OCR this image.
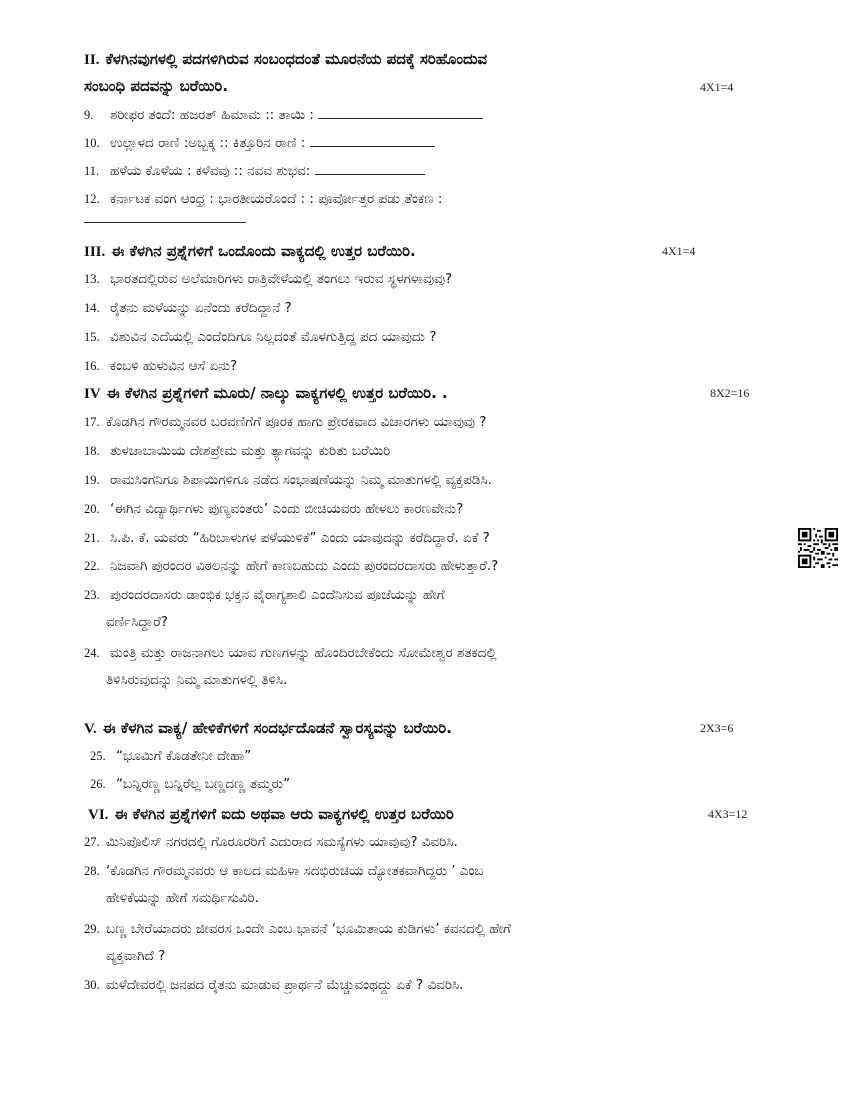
II. ಕೆಳಗಿನವುಗಳಲ್ಲಿ ಪದಗಳಿಗಿರುವ ಸಂಬಂಧದಂತೆ ಮೂರನೆಯ ಪದಕ್ಕೆ ಸರಿಹೊಂದುವ
ಸಂಬಂಧಿ ಪದವನ್ನು ಬರೆಯಿರಿ.	4X1=4
9. ಶರೀಫರ ತಂದೆ: ಹಜರತ್ ಹಿಮಾಮ :: ತಾಯಿ :
10. ಉಲ್ಲಾಳದ ರಾಣಿ :ಅಬ್ಬಕ್ಕ :: ಕಿತ್ತೂರಿನ ರಾಣಿ :
11. ಹಳೆಯ ಕೊಳೆಯ : ಕಳೆವವು :: ನವವ ಶುಭವ:
12. ಕರ್ನಾಟಕ ವಂಗ ಆಂಧ್ರ : ಭಾರತೀಯರೊಂದೆ : : ಪೂರ್ವೋತ್ತರ ಪಡು ತೆಂಕಣ :
III. ಈ ಕೆಳಗಿನ ಪ್ರಶ್ನೆಗಳಿಗೆ ಒಂದೊಂದು ವಾಕ್ಯದಲ್ಲಿ ಉತ್ತರ ಬರೆಯಿರಿ.	4X1=4
13. ಭಾರತದಲ್ಲಿರುವ ಅಲೆಮಾರಿಗಳು ರಾತ್ರಿವೇಳೆಯಲ್ಲಿ ತಂಗಲು ಇರುವ ಸ್ಥಳಗಳಾವುವು?
14. ರೈತನು ಮಳೆಯನ್ನು ಏನೆಂದು ಕರೆದಿದ್ದಾನೆ ?
15. ವಿಶುವಿನ ಎದೆಯಲ್ಲಿ ಎಂದೆಂದಿಗೂ ನಿಲ್ಲದಂತೆ ಮೊಳಗುತ್ತಿದ್ದ ಪದ ಯಾವುದು ?
16. ಕಂಬಳಿ ಹುಳುವಿನ ಆಸೆ ಏನು?
IV ಈ ಕೆಳಗಿನ ಪ್ರಶ್ನೆಗಳಿಗೆ ಮೂರು/ ನಾಲ್ಕು ವಾಕ್ಯಗಳಲ್ಲಿ ಉತ್ತರ ಬರೆಯಿರಿ. .	8X2=16
17. ಕೊಡಗಿನ ಗೌರಮ್ಮನವರ ಬರವಣಿಗೆಗೆ ಪೂರಕ ಹಾಗು ಪ್ರೇರಕವಾದ ವಿಚಾರಗಳು ಯಾವುವು ?
18. ತುಳಜಾಬಾಯಿಯ ದೇಶಪ್ರೇಮ ಮತ್ತು ತ್ಯಾಗವನ್ನು ಕುರಿತು ಬರೆಯಿರಿ
19. ರಾಮಸಿಂಗನಿಗೂ ಶಿಪಾಯಿಗಳಿಗೂ ನಡೆದ ಸಂಭಾಷಣೆಯನ್ನು ನಿಮ್ಮ ಮಾತುಗಳಲ್ಲಿ ವ್ಯಕ್ತಪಡಿಸಿ.
20. ‘ಈಗಿನ ವಿದ್ಯಾರ್ಥಿಗಳು ಪುಣ್ಯವಂತರು’ ಎಂದು ಬೀಚಿಯವರು ಹೇಳಲು ಕಾರಣವೇನು?
21. ಸಿ.ಪಿ. ಕೆ. ಯವರು “ಹಿರಿಬಾಳುಗಳ ಪಳೆಯುಳಿಕೆ” ಎಂದು ಯಾವುದನ್ನು ಕರೆದಿದ್ದಾರೆ. ಏಕೆ ?
22. ನಿಜವಾಗಿ ಪುರಂದರ ವಿಠಲನನ್ನು ಹೇಗೆ ಕಾಣಬಹುದು ಎಂದು ಪುರಂದರದಾಸರು ಹೇಳುತ್ತಾರೆ.?
23. ಪುರಂದರದಾಸರು ಡಾಂಭಿಕ ಭಕ್ತನ ವೈರಾಗ್ಯಶಾಲಿ ಎಂದೆನಿಸುವ ಪೂಜೆಯನ್ನು ಹೇಗೆ
ವರ್ಣಿಸಿದ್ದಾರೆ?
24. ಮಂತ್ರಿ ಮತ್ತು ರಾಜನಾಗಲು ಯಾವ ಗುಣಗಳನ್ನು ಹೊಂದಿರಬೇಕೆಂದು ಸೋಮೇಶ್ವರ ಶತಕದಲ್ಲಿ
ತಿಳಿಸಿರುವುದನ್ನು ನಿಮ್ಮ ಮಾತುಗಳಲ್ಲಿ ತಿಳಿಸಿ.
V. ಈ ಕೆಳಗಿನ ವಾಕ್ಯ/ ಹೇಳಿಕೆಗಳಿಗೆ ಸಂದರ್ಭದೊಡನೆ ಸ್ವಾರಸ್ಯವನ್ನು ಬರೆಯಿರಿ.	2X3=6
25. “ಭೂಮಿಗೆ ಕೊಡತೇನೀ ದೇಹಾ”
26. “ಬನ್ನಿರಣ್ಣ ಬನ್ನಿರೆಲ್ಲ ಬಣ್ಣದಣ್ಣ ತಮ್ಮರು”
VI. ಈ ಕೆಳಗಿನ ಪ್ರಶ್ನೆಗಳಿಗೆ ಐದು ಅಥವಾ ಆರು ವಾಕ್ಯಗಳಲ್ಲಿ ಉತ್ತರ ಬರೆಯಿರಿ	4X3=12
27. ಮಿನಿಪೊಲಿಸ್ ನಗರದಲ್ಲಿ ಗೊರೂರರಿಗೆ ಎದುರಾದ ಸಮಸ್ಯೆಗಳು ಯಾವುವು? ವಿವರಿಸಿ.
28. ‘ಕೊಡಗಿನ ಗೌರಮ್ಮನವರು ಆ ಕಾಲದ ಮಹಿಳಾ ಸದಭಿರುಚಿಯ ದ್ಯೋತಕವಾಗಿದ್ದರು ’ ಎಂಬ
ಹೇಳಿಕೆಯನ್ನು ಹೇಗೆ ಸಮರ್ಥಿಸುವಿರಿ.
29. ಬಣ್ಣ ಬೇರೆಯಾದರು ಜೀವರಸ ಒಂದೇ ಎಂಬ ಭಾವನೆ ‘ಭೂಮಿತಾಯ ಕುಡಿಗಳು’ ಕವನದಲ್ಲಿ ಹೇಗೆ
ವ್ಯಕ್ತವಾಗಿದೆ ?
30. ಮಳೆದೇವರಲ್ಲಿ ಜನಪದ ರೈತನು ಮಾಡುವ ಪ್ರಾರ್ಥನೆ ಮೆಚ್ಚುವಂಥದ್ದು ಏಕೆ ? ವಿವರಿಸಿ.
